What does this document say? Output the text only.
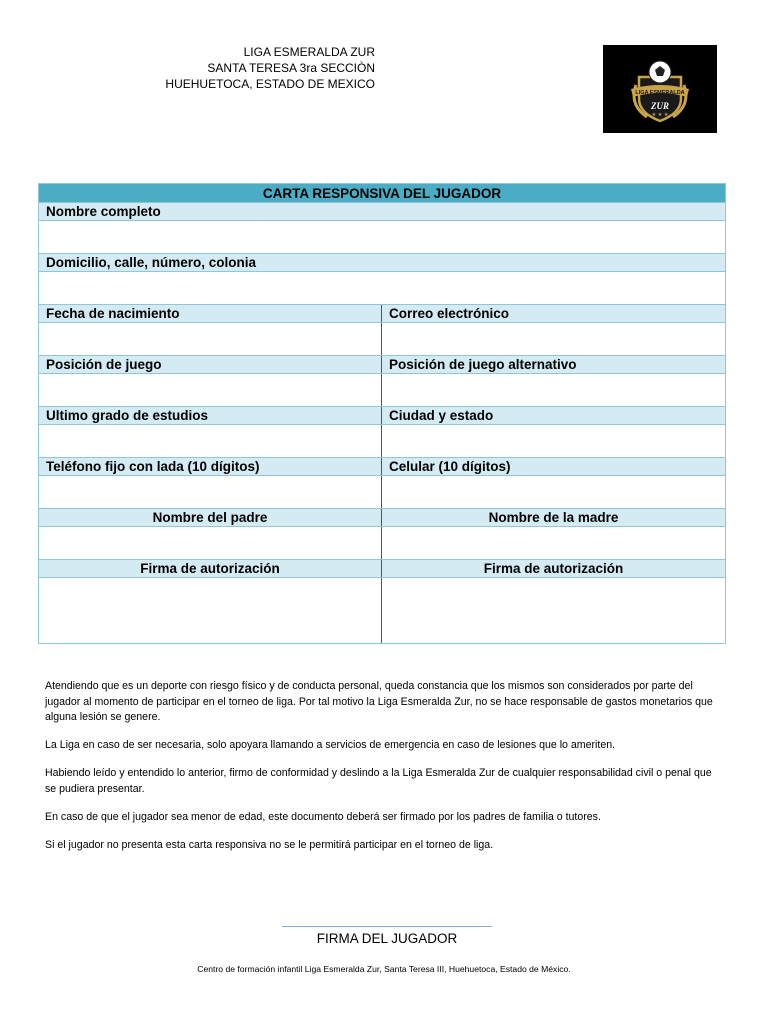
LIGA ESMERALDA ZUR
SANTA TERESA 3ra SECCIÒN
HUEHUETOCA, ESTADO DE MEXICO
LIGA ESMERALDA
ZUR
★ ★ ★
CARTA RESPONSIVA DEL JUGADOR	
Nombre completo	

Domicilio, calle, número, colonia	

Fecha de nacimiento	Correo electrónico

Posición de juego	Posición de juego alternativo

Ultimo grado de estudios	Ciudad y estado

Teléfono fijo con lada (10 dígitos)	Celular (10 dígitos)

Nombre del padre	Nombre de la madre

Firma de autorización	Firma de autorización

Atendiendo que es un deporte con riesgo físico y de conducta personal, queda constancia que los mismos son considerados por parte del jugador al momento de participar en el torneo de liga. Por tal motivo la Liga Esmeralda Zur, no se hace responsable de gastos monetarios que alguna lesión se genere.

La Liga en caso de ser necesaria, solo apoyara llamando a servicios de emergencia en caso de lesiones que lo ameriten.

Habiendo leído y entendido lo anterior, firmo de conformidad y deslindo a la Liga Esmeralda Zur de cualquier responsabilidad civil o penal que se pudiera presentar.

En caso de que el jugador sea menor de edad, este documento deberá ser firmado por los padres de familia o tutores.

Si el jugador no presenta esta carta responsiva no se le permitirá participar en el torneo de liga.

FIRMA DEL JUGADOR
Centro de formación infantil Liga Esmeralda Zur, Santa Teresa III, Huehuetoca, Estado de México.
